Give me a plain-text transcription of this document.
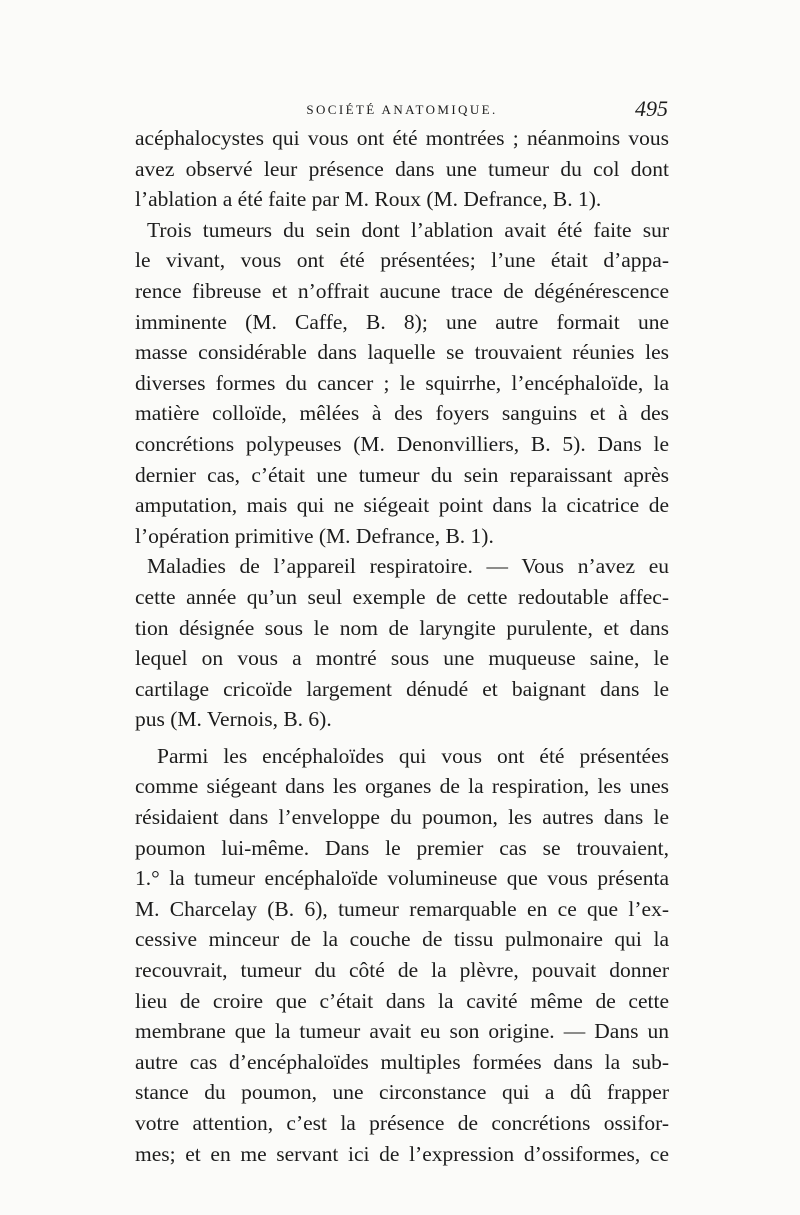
SOCIÉTÉ ANATOMIQUE.	495
acéphalocystes qui vous ont été montrées ; néanmoins vous
avez observé leur présence dans une tumeur du col dont
l’ablation a été faite par M. Roux (M. Defrance, B. 1).
Trois tumeurs du sein dont l’ablation avait été faite sur
le vivant, vous ont été présentées; l’une était d’appa-
rence fibreuse et n’offrait aucune trace de dégénérescence
imminente (M. Caffe, B. 8); une autre formait une
masse considérable dans laquelle se trouvaient réunies les
diverses formes du cancer ; le squirrhe, l’encéphaloïde, la
matière colloïde, mêlées à des foyers sanguins et à des
concrétions polypeuses (M. Denonvilliers, B. 5). Dans le
dernier cas, c’était une tumeur du sein reparaissant après
amputation, mais qui ne siégeait point dans la cicatrice de
l’opération primitive (M. Defrance, B. 1).
Maladies de l’appareil respiratoire. — Vous n’avez eu
cette année qu’un seul exemple de cette redoutable affec-
tion désignée sous le nom de laryngite purulente, et dans
lequel on vous a montré sous une muqueuse saine, le
cartilage cricoïde largement dénudé et baignant dans le
pus (M. Vernois, B. 6).
Parmi les encéphaloïdes qui vous ont été présentées
comme siégeant dans les organes de la respiration, les unes
résidaient dans l’enveloppe du poumon, les autres dans le
poumon lui-même. Dans le premier cas se trouvaient,
1.° la tumeur encéphaloïde volumineuse que vous présenta
M. Charcelay (B. 6), tumeur remarquable en ce que l’ex-
cessive minceur de la couche de tissu pulmonaire qui la
recouvrait, tumeur du côté de la plèvre, pouvait donner
lieu de croire que c’était dans la cavité même de cette
membrane que la tumeur avait eu son origine. — Dans un
autre cas d’encéphaloïdes multiples formées dans la sub-
stance du poumon, une circonstance qui a dû frapper
votre attention, c’est la présence de concrétions ossifor-
mes; et en me servant ici de l’expression d’ossiformes, ce
